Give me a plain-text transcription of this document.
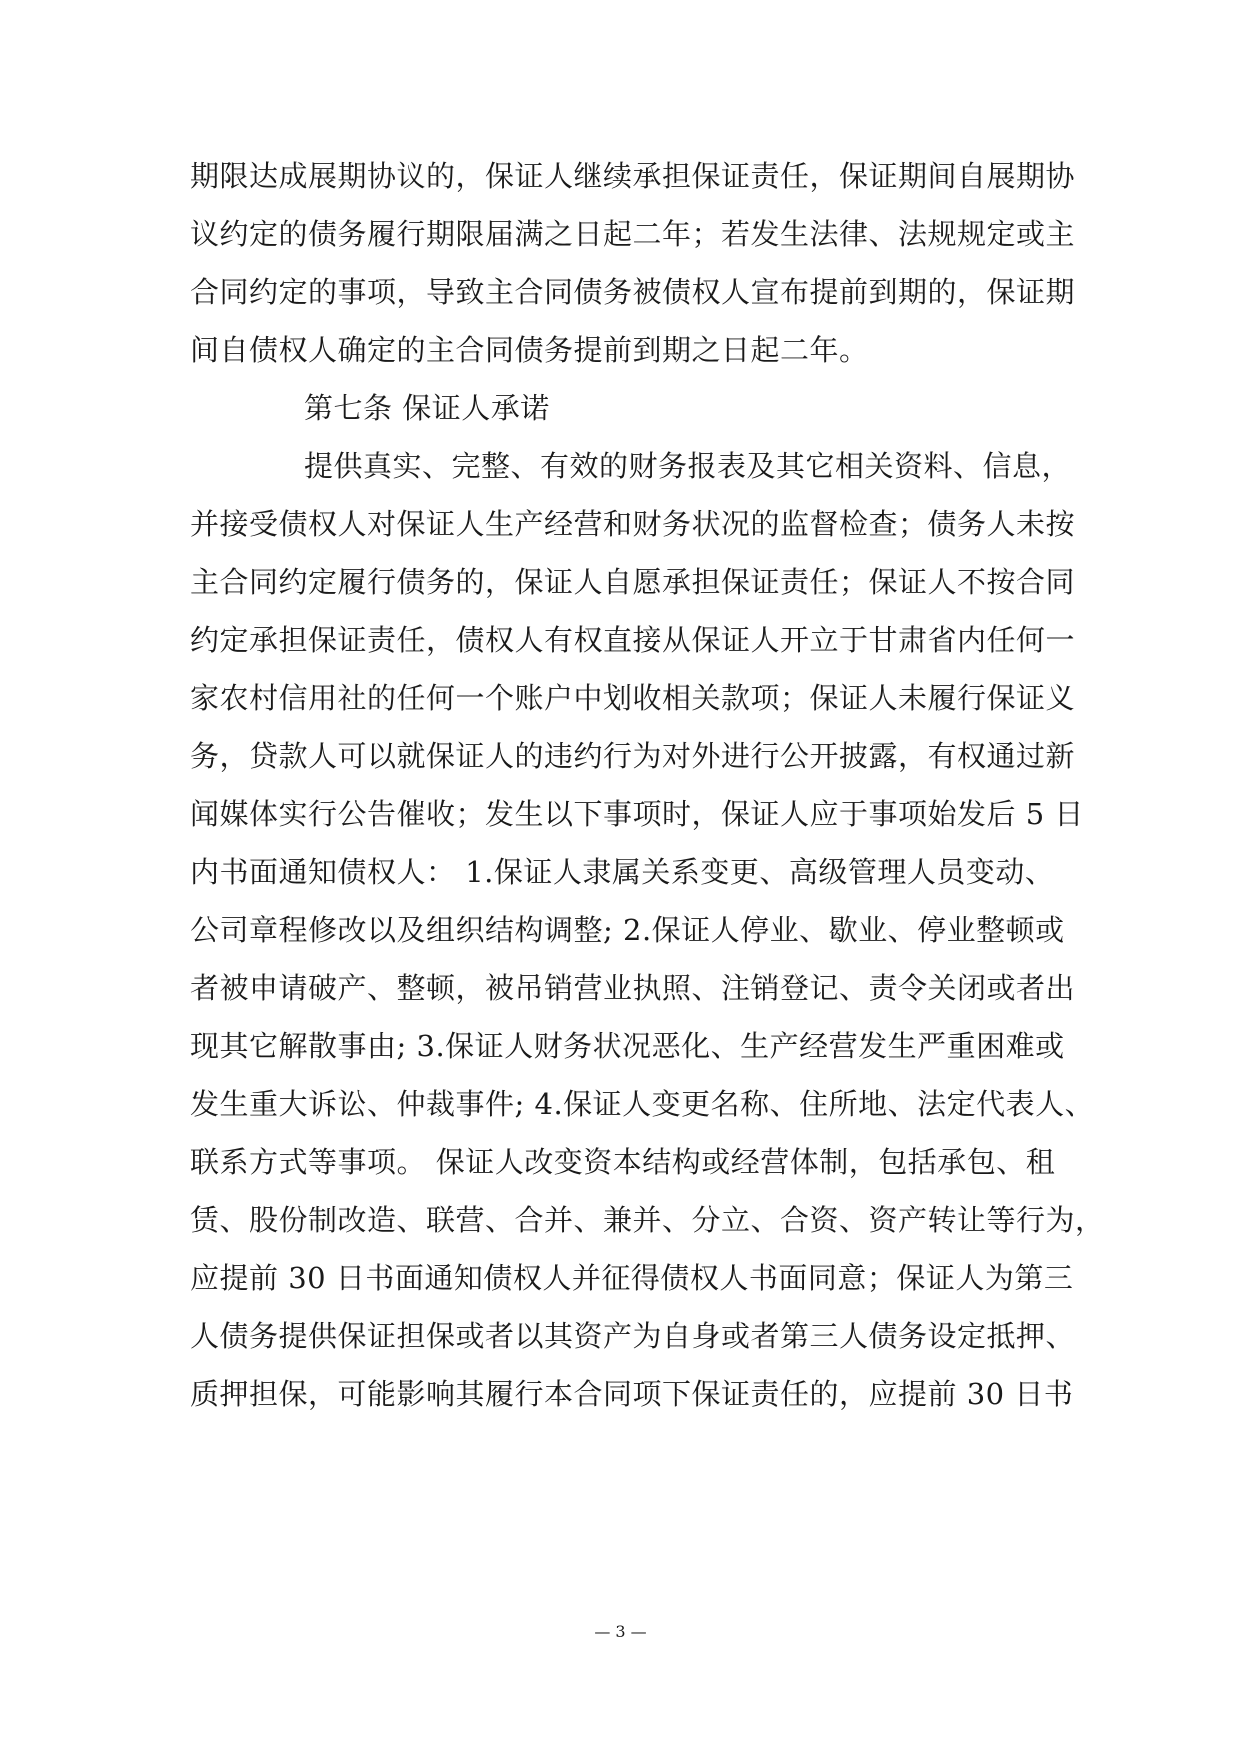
期限达成展期协议的，保证人继续承担保证责任，保证期间自展期协
议约定的债务履行期限届满之日起二年；若发生法律、法规规定或主
合同约定的事项，导致主合同债务被债权人宣布提前到期的，保证期
间自债权人确定的主合同债务提前到期之日起二年。
第七条 保证人承诺
提供真实、完整、有效的财务报表及其它相关资料、信息，
并接受债权人对保证人生产经营和财务状况的监督检查；债务人未按
主合同约定履行债务的，保证人自愿承担保证责任；保证人不按合同
约定承担保证责任，债权人有权直接从保证人开立于甘肃省内任何一
家农村信用社的任何一个账户中划收相关款项；保证人未履行保证义
务，贷款人可以就保证人的违约行为对外进行公开披露，有权通过新
闻媒体实行公告催收；发生以下事项时，保证人应于事项始发后 5 日
内书面通知债权人： 1.保证人隶属关系变更、高级管理人员变动、
公司章程修改以及组织结构调整; 2.保证人停业、歇业、停业整顿或
者被申请破产、整顿，被吊销营业执照、注销登记、责令关闭或者出
现其它解散事由; 3.保证人财务状况恶化、生产经营发生严重困难或
发生重大诉讼、仲裁事件; 4.保证人变更名称、住所地、法定代表人、
联系方式等事项。 保证人改变资本结构或经营体制，包括承包、租
赁、股份制改造、联营、合并、兼并、分立、合资、资产转让等行为，
应提前 30 日书面通知债权人并征得债权人书面同意；保证人为第三
人债务提供保证担保或者以其资产为自身或者第三人债务设定抵押、
质押担保，可能影响其履行本合同项下保证责任的，应提前 30 日书
— 3 —
